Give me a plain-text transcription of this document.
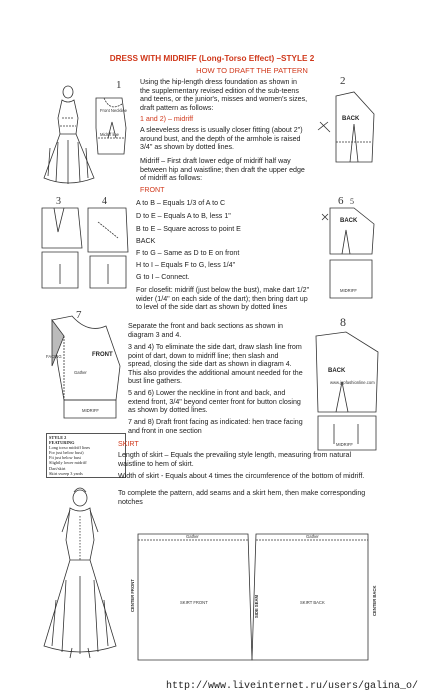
DRESS WITH MIDRIFF (Long-Torso Effect) –STYLE 2
HOW TO DRAFT THE PATTERN
Front Neckline
Midriff line
1	Using the hip-length dress foundation as shown in the supplementary revised edition of the sub-teens and teens, or the junior's, misses and women's sizes, draft pattern as follows:
1 and 2) – midriff
A sleeveless dress is usually closer fitting (about 2") around bust, and the depth of the armhole is raised 3/4" as shown by dotted lines.
Midriff – First draft lower edge of midriff half way between hip and waistline; then draft the upper edge of midriff as follows:
2
BACK
3	4
FRONT
A to B – Equals 1/3 of A to C
D to E – Equals A to B, less 1"
B to E – Square across to point E
BACK
F to G – Same as D to E on front
H to I – Equals F to G, less 1/4"
G to I – Connect.
6 5
BACK
MIDRIFF
For closefit: midriff (just below the bust), make dart 1/2" wider (1/4" on each side of the dart); then bring dart up to level of the side dart as shown by dotted lines
Separate the front and back sections as shown in diagram 3 and 4.
3 and 4) To eliminate the side dart, draw slash line from point of dart, down to midriff line; then slash and spread, closing the side dart as shown in diagram 4. This also provides the additional amount needed for the bust line gathers.
5 and 6) Lower the neckline in front and back, and extend front, 3/4" beyond center front for button closing as shown by dotted lines.
7 and 8) Draft front facing as indicated: hen trace facing and front in one section
7
FACING	FRONT
Gather
MIDRIFF
8
BACK
www.jopfashionline.com
MIDRIFF
STYLE 2
FEATURING
Long torso midriff lines
For just below bust)
Fit just below bust
Slightly lower midriff
Dart/skirt
Skirt sweep 3 yards
SKIRT
Length of skirt – Equals the prevailing style length, measuring from natural waistline to hem of skirt.
Width of skirt - Equals about 4 times the circumference of the bottom of midriff.
To complete the pattern, add seams and a skirt hem, then make corresponding notches
Gather	Gather
CENTER FRONT	SKIRT FRONT	SIDE SEAM	SKIRT BACK	CENTER BACK
http://www.liveinternet.ru/users/galina_o/
